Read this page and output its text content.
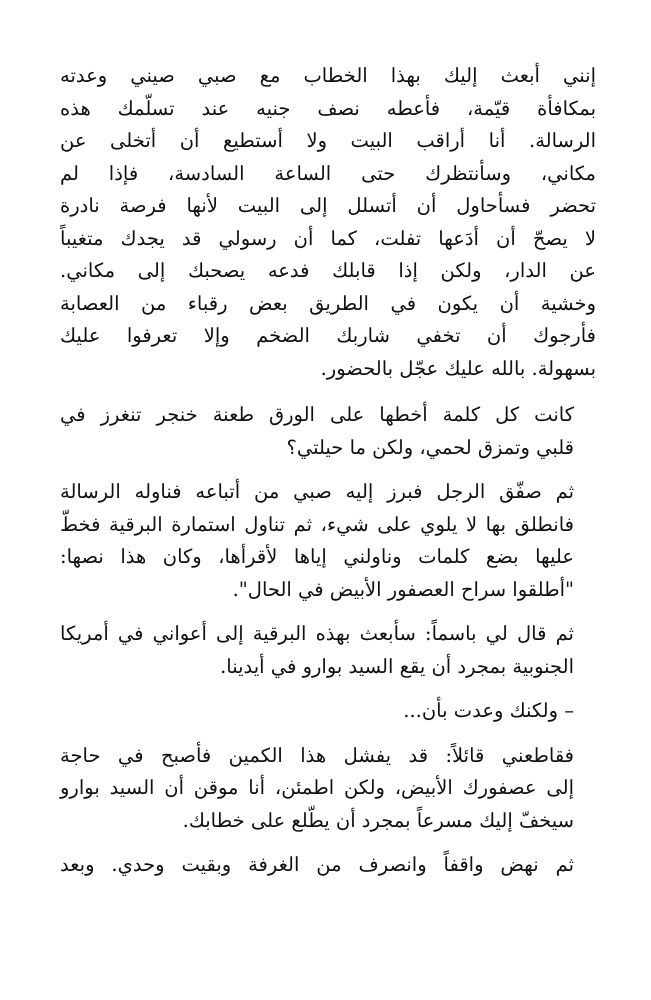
إنني أبعث إليك بهذا الخطاب مع صبي صيني وعدته
بمكافأة قيّمة، فأعطه نصف جنيه عند تسلّمك هذه
الرسالة. أنا أراقب البيت ولا أستطيع أن أتخلى عن
مكاني، وسأنتظرك حتى الساعة السادسة، فإذا لم
تحضر فسأحاول أن أتسلل إلى البيت لأنها فرصة نادرة
لا يصحّ أن أدَعها تفلت، كما أن رسولي قد يجدك متغيباً
عن الدار، ولكن إذا قابلك فدعه يصحبك إلى مكاني.
وخشية أن يكون في الطريق بعض رقباء من العصابة
فأرجوك أن تخفي شاربك الضخم وإلا تعرفوا عليك
بسهولة. بالله عليك عجّل بالحضور.
كانت كل كلمة أخطها على الورق طعنة خنجر تنغرز في
قلبي وتمزق لحمي، ولكن ما حيلتي؟
ثم صفّق الرجل فبرز إليه صبي من أتباعه فناوله الرسالة
فانطلق بها لا يلوي على شيء، ثم تناول استمارة البرقية فخطّ
عليها بضع كلمات وناولني إياها لأقرأها، وكان هذا نصها:
"أطلقوا سراح العصفور الأبيض في الحال".
ثم قال لي باسماً: سأبعث بهذه البرقية إلى أعواني في أمريكا
الجنوبية بمجرد أن يقع السيد بوارو في أيدينا.
– ولكنك وعدت بأن...
فقاطعني قائلاً: قد يفشل هذا الكمين فأصبح في حاجة
إلى عصفورك الأبيض، ولكن اطمئن، أنا موقن أن السيد بوارو
سيخفّ إليك مسرعاً بمجرد أن يطّلع على خطابك.
ثم نهض واقفاً وانصرف من الغرفة وبقيت وحدي. وبعد
